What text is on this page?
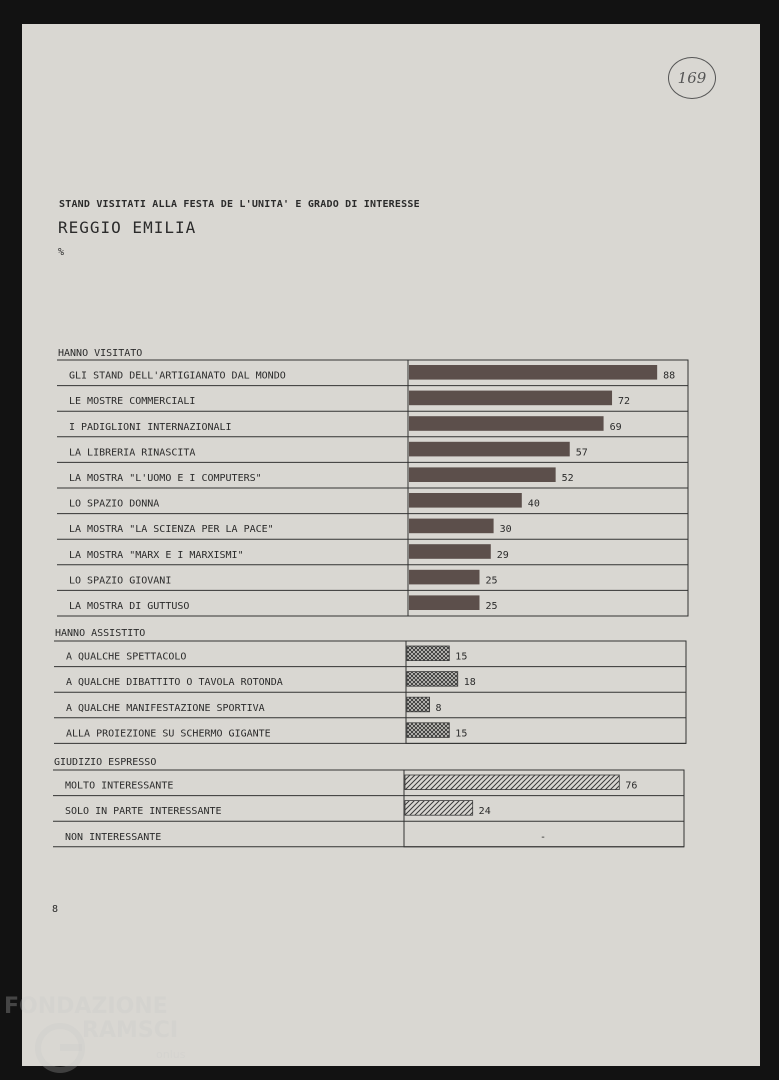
169
STAND VISITATI ALLA FESTA DE L'UNITA' E GRADO DI INTERESSE
REGGIO EMILIA
%
8
HANNO VISITATO
GLI STAND DELL'ARTIGIANATO DAL MONDO	88
LE MOSTRE COMMERCIALI	72
I PADIGLIONI INTERNAZIONALI	69
LA LIBRERIA RINASCITA	57
LA MOSTRA "L'UOMO E I COMPUTERS"	52
LO SPAZIO DONNA	40
LA MOSTRA "LA SCIENZA PER LA PACE"	30
LA MOSTRA "MARX E I MARXISMI"	29
LO SPAZIO GIOVANI	25
LA MOSTRA DI GUTTUSO	25
HANNO ASSISTITO
A QUALCHE SPETTACOLO	15
A QUALCHE DIBATTITO O TAVOLA ROTONDA	18
A QUALCHE MANIFESTAZIONE SPORTIVA	8
ALLA PROIEZIONE SU SCHERMO GIGANTE	15
GIUDIZIO ESPRESSO
MOLTO INTERESSANTE	76
SOLO IN PARTE INTERESSANTE	24
NON INTERESSANTE	-
FONDAZIONE
RAMSCI
onlus
